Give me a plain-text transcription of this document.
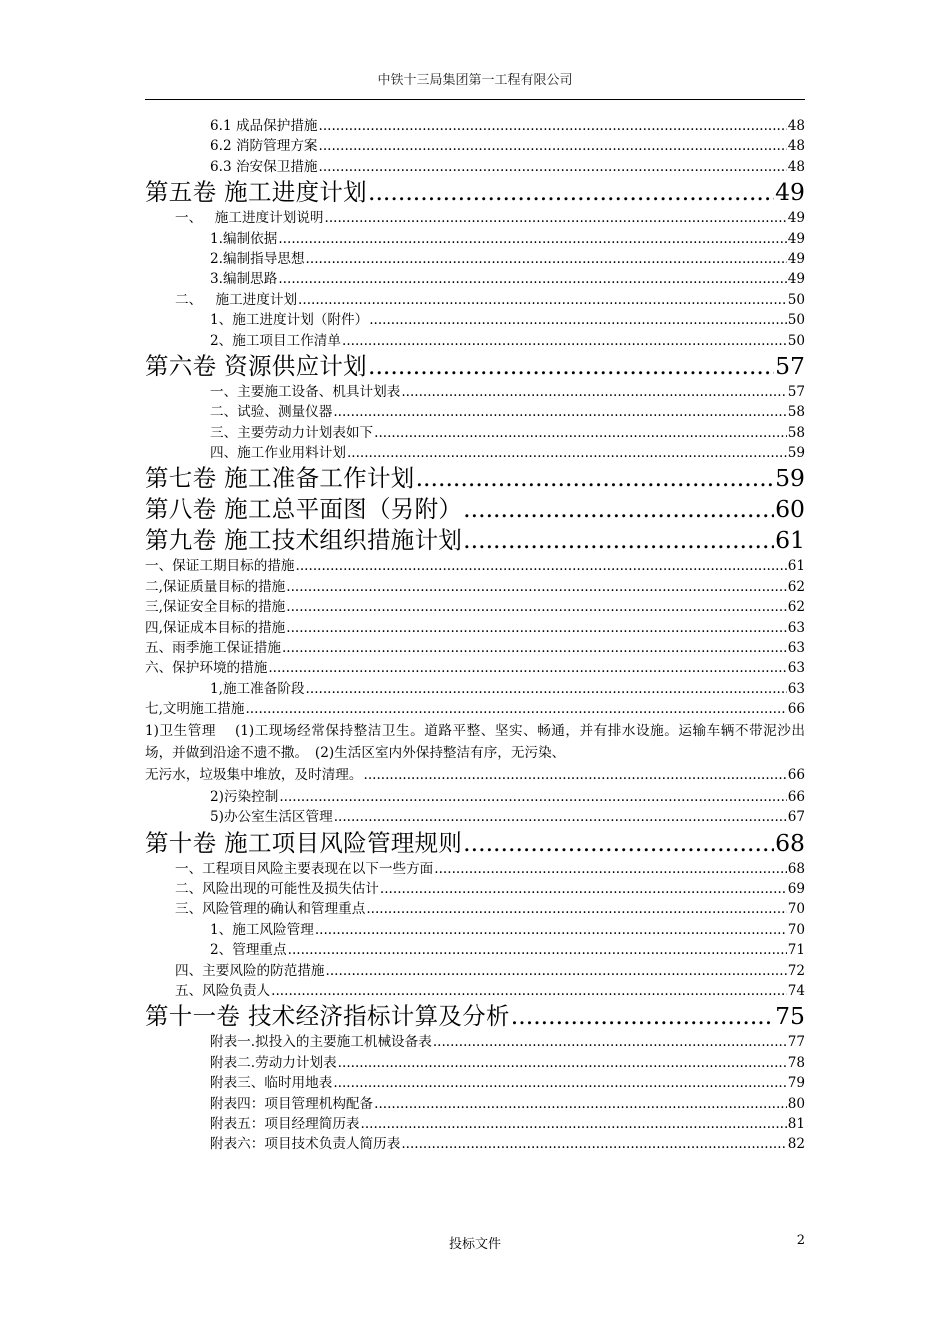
中铁十三局集团第一工程有限公司
6.1 成品保护措施 .....	48
6.2 消防管理方案 .....	48
6.3 治安保卫措施 .....	48
第五卷 施工进度计划 .....	49
一、 施工进度计划说明 .....	49
1.编制依据 .....	49
2.编制指导思想 .....	49
3.编制思路 .....	49
二、 施工进度计划 .....	50
1、施工进度计划（附件） .....	50
2、施工项目工作清单 .....	50
第六卷 资源供应计划 .....	57
一、主要施工设备、机具计划表 .....	57
二、试验、测量仪器 .....	58
三、主要劳动力计划表如下 .....	58
四、施工作业用料计划 .....	59
第七卷 施工准备工作计划 .....	59
第八卷 施工总平面图（另附） .....	60
第九卷 施工技术组织措施计划 .....	61
一、保证工期目标的措施 .....	61
二,保证质量目标的措施 .....	62
三,保证安全目标的措施 .....	62
四,保证成本目标的措施 .....	63
五、雨季施工保证措施 .....	63
六、保护环境的措施 .....	63
1,施工准备阶段 .....	63
七,文明施工措施 .....	66
1)卫生管理　 (1)工现场经常保持整洁卫生。道路平整、坚实、畅通，并有排水设施。运输车辆不带泥沙出场，并做到沿途不遗不撒。　(2)生活区室内外保持整洁有序，无污染、
无污水，垃圾集中堆放，及时清理。 .....	66
2)污染控制 .....	66
5)办公室生活区管理 .....	67
第十卷 施工项目风险管理规则 .....	68
一、工程项目风险主要表现在以下一些方面 .....	68
二、风险出现的可能性及损失估计 .....	69
三、风险管理的确认和管理重点 .....	70
1、施工风险管理 .....	70
2、管理重点 .....	71
四、主要风险的防范措施 .....	72
五、风险负责人 .....	74
第十一卷 技术经济指标计算及分析 .....	75
附表一.拟投入的主要施工机械设备表 .....	77
附表二.劳动力计划表 .....	78
附表三、临时用地表 .....	79
附表四：项目管理机构配备 .....	80
附表五：项目经理简历表 .....	81
附表六：项目技术负责人简历表 .....	82
投标文件	2
